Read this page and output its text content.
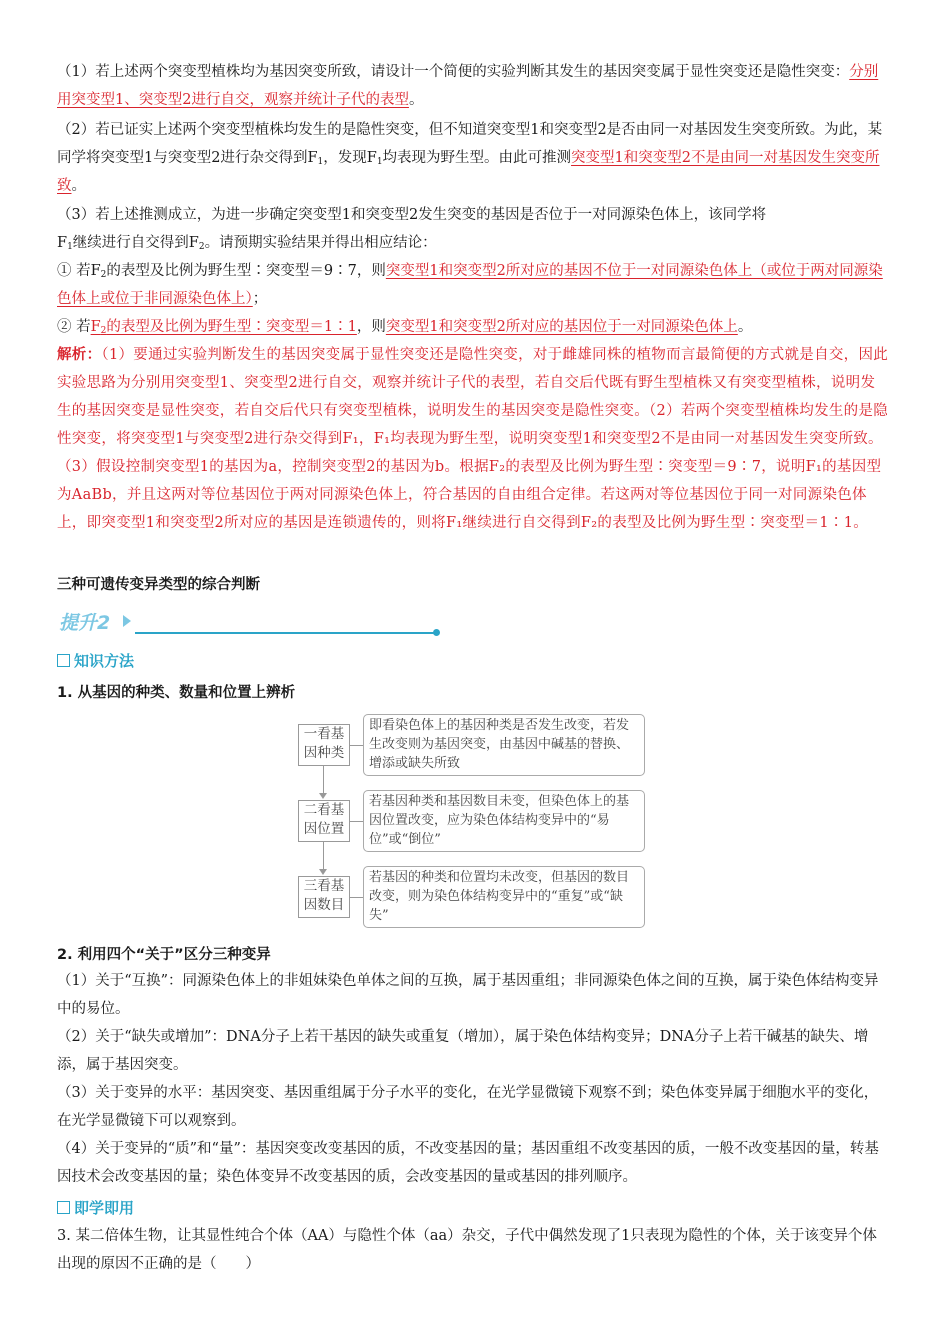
（1）若上述两个突变型植株均为基因突变所致，请设计一个简便的实验判断其发生的基因突变属于显性突变还是隐性突变：分别用突变型1、突变型2进行自交，观察并统计子代的表型。
（2）若已证实上述两个突变型植株均发生的是隐性突变，但不知道突变型1和突变型2是否由同一对基因发生突变所致。为此，某同学将突变型1与突变型2进行杂交得到$F_1$，发现$F_1$均表现为野生型。由此可推测突变型1和突变型2不是由同一对基因发生突变所致。
（3）若上述推测成立，为进一步确定突变型1和突变型2发生突变的基因是否位于一对同源染色体上，该同学将
$F_1$继续进行自交得到$F_2$。请预期实验结果并得出相应结论：
① 若$F_2$的表型及比例为野生型∶突变型＝9∶7，则突变型1和突变型2所对应的基因不位于一对同源染色体上（或位于两对同源染色体上或位于非同源染色体上）；
② 若$F_2$的表型及比例为野生型∶突变型＝1∶1，则突变型1和突变型2所对应的基因位于一对同源染色体上。
解析：（1）要通过实验判断发生的基因突变属于显性突变还是隐性突变，对于雌雄同株的植物而言最简便的方式就是自交，因此实验思路为分别用突变型1、突变型2进行自交，观察并统计子代的表型，若自交后代既有野生型植株又有突变型植株，说明发生的基因突变是显性突变，若自交后代只有突变型植株，说明发生的基因突变是隐性突变。（2）若两个突变型植株均发生的是隐性突变，将突变型1与突变型2进行杂交得到F₁，F₁均表现为野生型，说明突变型1和突变型2不是由同一对基因发生突变所致。（3）假设控制突变型1的基因为a，控制突变型2的基因为b。根据F₂的表型及比例为野生型∶突变型＝9∶7，说明F₁的基因型为AaBb，并且这两对等位基因位于两对同源染色体上，符合基因的自由组合定律。若这两对等位基因位于同一对同源染色体上，即突变型1和突变型2所对应的基因是连锁遗传的，则将F₁继续进行自交得到F₂的表型及比例为野生型∶突变型＝1∶1。
三种可遗传变异类型的综合判断
提升2
知识方法
1. 从基因的种类、数量和位置上辨析
一看基因种类
即看染色体上的基因种类是否发生改变，若发生改变则为基因突变，由基因中碱基的替换、增添或缺失所致
二看基因位置
若基因种类和基因数目未变，但染色体上的基因位置改变，应为染色体结构变异中的“易位”或“倒位”
三看基因数目
若基因的种类和位置均未改变，但基因的数目改变，则为染色体结构变异中的“重复”或“缺失”
2. 利用四个“关于”区分三种变异
（1）关于“互换”：同源染色体上的非姐妹染色单体之间的互换，属于基因重组；非同源染色体之间的互换，属于染色体结构变异中的易位。
（2）关于“缺失或增加”：DNA分子上若干基因的缺失或重复（增加），属于染色体结构变异；DNA分子上若干碱基的缺失、增添，属于基因突变。
（3）关于变异的水平：基因突变、基因重组属于分子水平的变化，在光学显微镜下观察不到；染色体变异属于细胞水平的变化，在光学显微镜下可以观察到。
（4）关于变异的“质”和“量”：基因突变改变基因的质，不改变基因的量；基因重组不改变基因的质，一般不改变基因的量，转基因技术会改变基因的量；染色体变异不改变基因的质，会改变基因的量或基因的排列顺序。
即学即用
3. 某二倍体生物，让其显性纯合个体（AA）与隐性个体（aa）杂交，子代中偶然发现了1只表现为隐性的个体，关于该变异个体出现的原因不正确的是（　　）
